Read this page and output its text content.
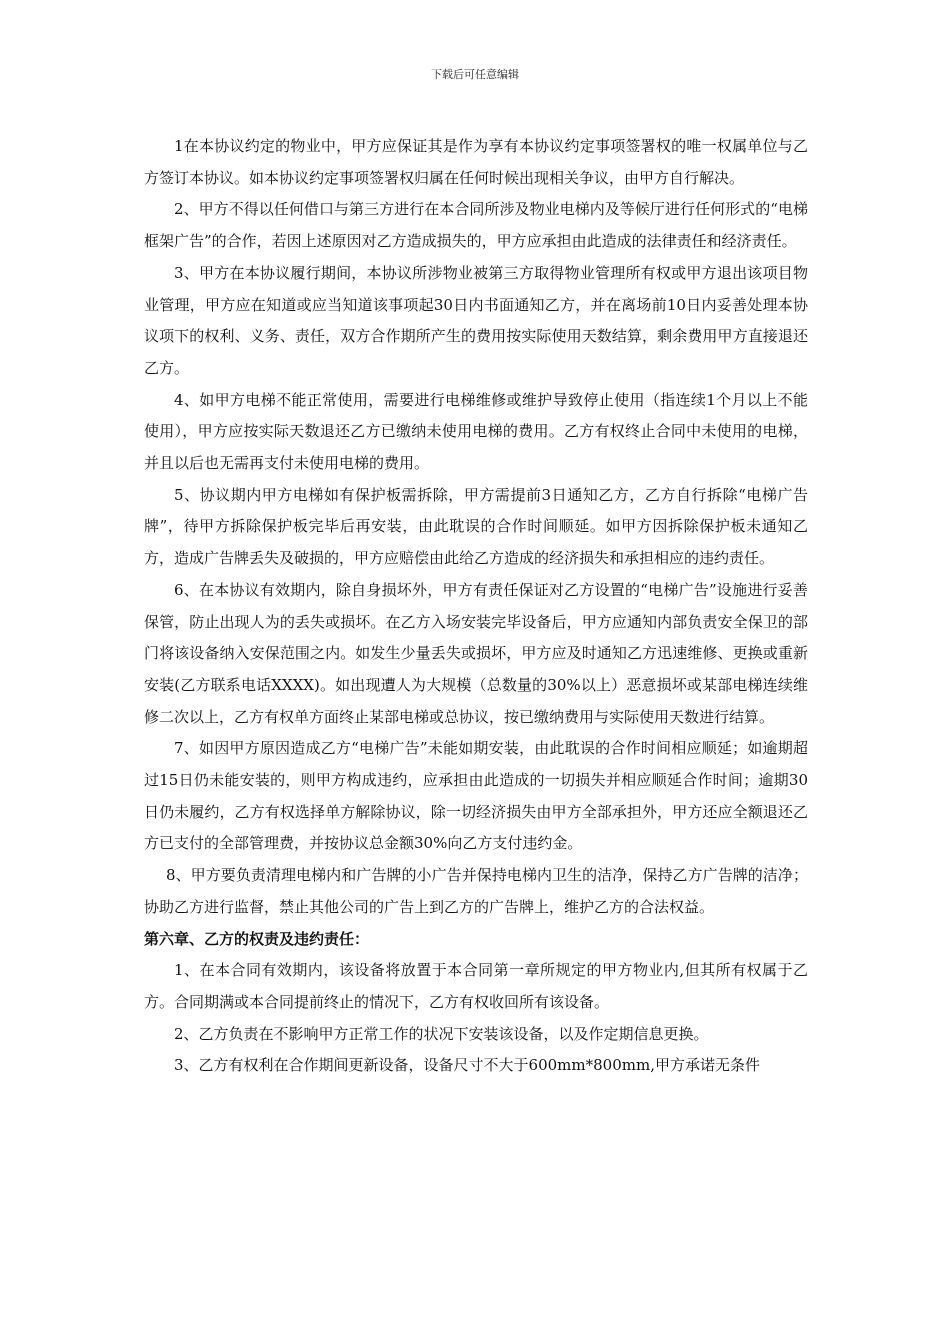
下载后可任意编辑

1在本协议约定的物业中，甲方应保证其是作为享有本协议约定事项签署权的唯一权属单位与乙方签订本协议。如本协议约定事项签署权归属在任何时候出现相关争议，由甲方自行解决。

2、甲方不得以任何借口与第三方进行在本合同所涉及物业电梯内及等候厅进行任何形式的“电梯框架广告”的合作，若因上述原因对乙方造成损失的，甲方应承担由此造成的法律责任和经济责任。

3、甲方在本协议履行期间，本协议所涉物业被第三方取得物业管理所有权或甲方退出该项目物业管理，甲方应在知道或应当知道该事项起30日内书面通知乙方，并在离场前10日内妥善处理本协议项下的权利、义务、责任，双方合作期所产生的费用按实际使用天数结算，剩余费用甲方直接退还乙方。

4、如甲方电梯不能正常使用，需要进行电梯维修或维护导致停止使用（指连续1个月以上不能使用），甲方应按实际天数退还乙方已缴纳未使用电梯的费用。乙方有权终止合同中未使用的电梯，并且以后也无需再支付未使用电梯的费用。

5、协议期内甲方电梯如有保护板需拆除，甲方需提前3日通知乙方，乙方自行拆除“电梯广告牌”，待甲方拆除保护板完毕后再安装，由此耽误的合作时间顺延。如甲方因拆除保护板未通知乙方，造成广告牌丢失及破损的，甲方应赔偿由此给乙方造成的经济损失和承担相应的违约责任。

6、在本协议有效期内，除自身损坏外，甲方有责任保证对乙方设置的“电梯广告”设施进行妥善保管，防止出现人为的丢失或损坏。在乙方入场安装完毕设备后，甲方应通知内部负责安全保卫的部门将该设备纳入安保范围之内。如发生少量丢失或损坏，甲方应及时通知乙方迅速维修、更换或重新安装(乙方联系电话XXXX)。如出现遭人为大规模（总数量的30%以上）恶意损坏或某部电梯连续维修二次以上，乙方有权单方面终止某部电梯或总协议，按已缴纳费用与实际使用天数进行结算。

7、如因甲方原因造成乙方“电梯广告”未能如期安装，由此耽误的合作时间相应顺延；如逾期超过15日仍未能安装的，则甲方构成违约，应承担由此造成的一切损失并相应顺延合作时间；逾期30日仍未履约，乙方有权选择单方解除协议，除一切经济损失由甲方全部承担外，甲方还应全额退还乙方已支付的全部管理费，并按协议总金额30%向乙方支付违约金。

8、甲方要负责清理电梯内和广告牌的小广告并保持电梯内卫生的洁净，保持乙方广告牌的洁净；协助乙方进行监督，禁止其他公司的广告上到乙方的广告牌上，维护乙方的合法权益。

第六章、乙方的权责及违约责任：

1、在本合同有效期内，该设备将放置于本合同第一章所规定的甲方物业内,但其所有权属于乙方。合同期满或本合同提前终止的情况下，乙方有权收回所有该设备。

2、乙方负责在不影响甲方正常工作的状况下安装该设备，以及作定期信息更换。

3、乙方有权利在合作期间更新设备，设备尺寸不大于600mm*800mm,甲方承诺无条件
